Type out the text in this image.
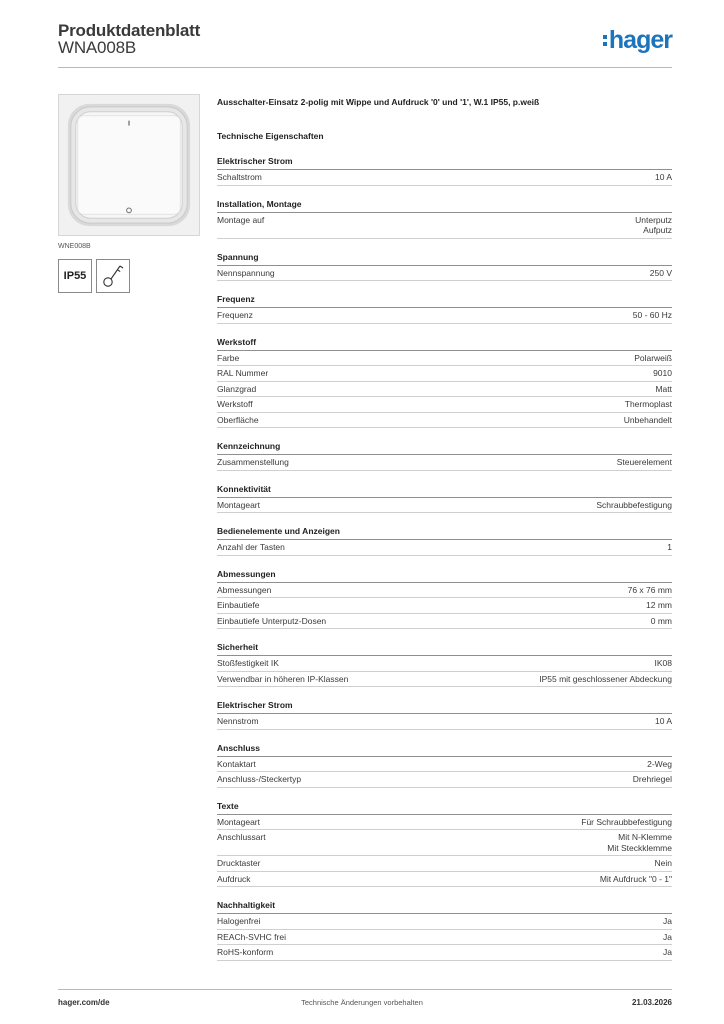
Produktdatenblatt
WNA008B	hager
WNE008B
IP55
Ausschalter-Einsatz 2-polig mit Wippe und Aufdruck '0' und '1', W.1 IP55, p.weiß
Technische Eigenschaften
Elektrischer Strom
Schaltstrom	10 A
Installation, Montage
Montage auf	Unterputz
Aufputz
Spannung
Nennspannung	250 V
Frequenz
Frequenz	50 - 60 Hz
Werkstoff
Farbe	Polarweiß
RAL Nummer	9010
Glanzgrad	Matt
Werkstoff	Thermoplast
Oberfläche	Unbehandelt
Kennzeichnung
Zusammenstellung	Steuerelement
Konnektivität
Montageart	Schraubbefestigung
Bedienelemente und Anzeigen
Anzahl der Tasten	1
Abmessungen
Abmessungen	76 x 76 mm
Einbautiefe	12 mm
Einbautiefe Unterputz-Dosen	0 mm
Sicherheit
Stoßfestigkeit IK	IK08
Verwendbar in höheren IP-Klassen	IP55 mit geschlossener Abdeckung
Elektrischer Strom
Nennstrom	10 A
Anschluss
Kontaktart	2-Weg
Anschluss-/Steckertyp	Drehriegel
Texte
Montageart	Für Schraubbefestigung
Anschlussart	Mit N-Klemme
Mit Steckklemme
Drucktaster	Nein
Aufdruck	Mit Aufdruck "0 - 1"
Nachhaltigkeit
Halogenfrei	Ja
REACh-SVHC frei	Ja
RoHS-konform	Ja
hager.com/de	Technische Änderungen vorbehalten	21.03.2026
